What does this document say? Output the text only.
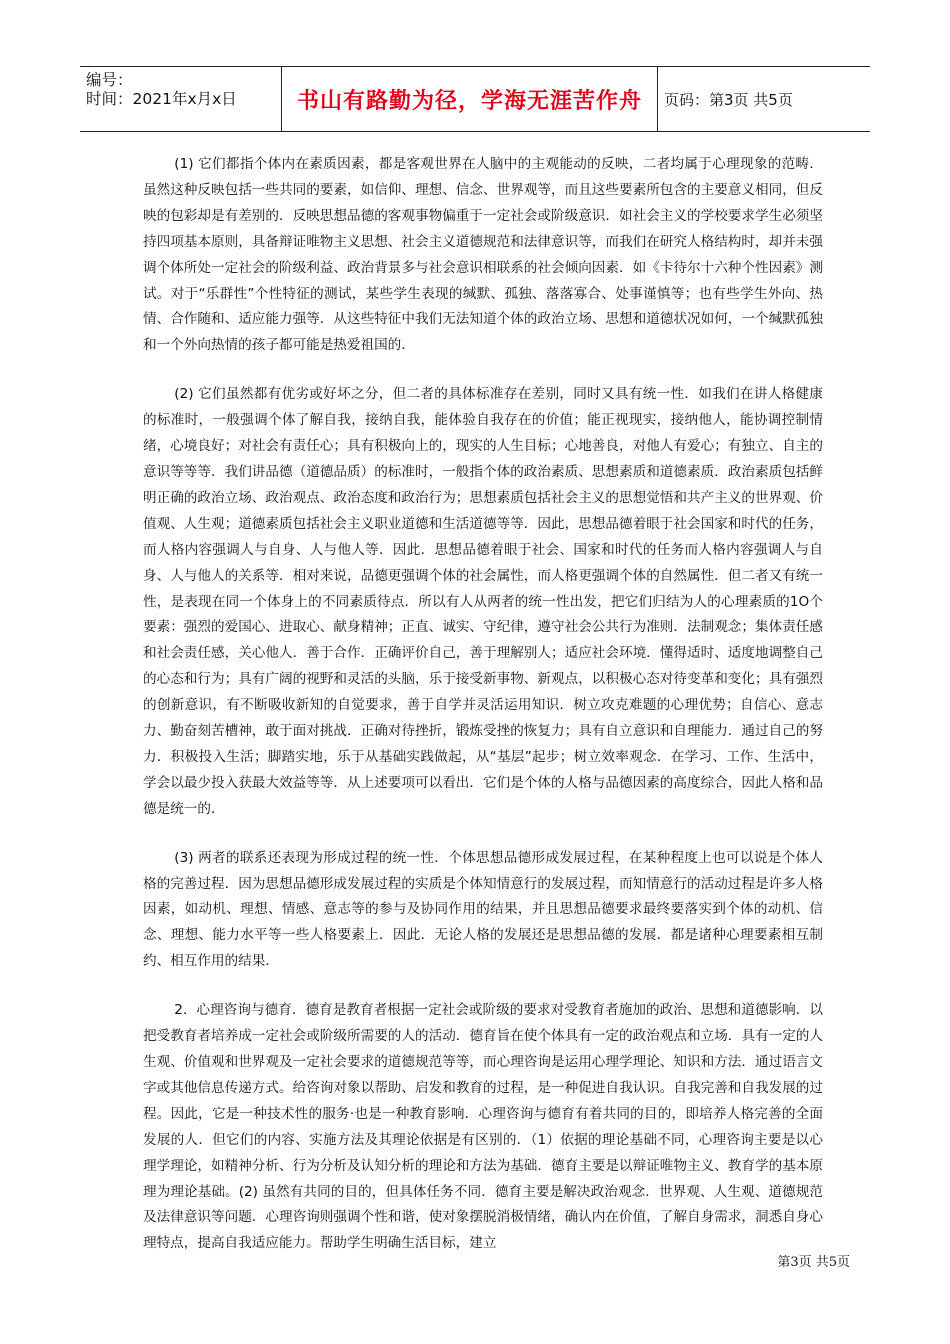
编号：
时间：2021年x月x日	书山有路勤为径，学海无涯苦作舟 页码：第3页 共5页

(1) 它们都指个体内在素质因素，都是客观世界在人脑中的主观能动的反映，二者均属于心理现象的范畴．虽然这种反映包括一些共同的要素，如信仰、理想、信念、世界观等，而且这些要素所包含的主要意义相同，但反映的包彩却是有差别的．反映思想品德的客观事物偏重于一定社会或阶级意识．如社会主义的学校要求学生必须坚持四项基本原则，具备辩证唯物主义思想、社会主义道德规范和法律意识等，而我们在研究人格结构时，却并未强调个体所处一定社会的阶级利益、政治背景多与社会意识相联系的社会倾向因素．如《卡待尔十六种个性因素》测试。对于“乐群性”个性特征的测试，某些学生表现的缄默、孤独、落落寡合、处事谨慎等；也有些学生外向、热情、合作随和、适应能力强等．从这些特征中我们无法知道个体的政治立场、思想和道德状况如何，一个缄默孤独和一个外向热情的孩子都可能是热爱祖国的．

(2) 它们虽然都有优劣或好坏之分，但二者的具体标准存在差别，同时又具有统一性．如我们在讲人格健康的标准时，一般强调个体了解自我，接纳自我，能体验自我存在的价值；能正视现实，接纳他人，能协调控制情绪，心境良好；对社会有责任心；具有积极向上的，现实的人生目标；心地善良，对他人有爱心；有独立、自主的意识等等等．我们讲品德（道德品质）的标准时，一般指个体的政治素质、思想素质和道德素质．政治素质包括鲜明正确的政治立场、政治观点、政治态度和政治行为；思想素质包括社会主义的思想觉悟和共产主义的世界观、价值观、人生观；道德素质包括社会主义职业道德和生活道德等等．因此，思想品德着眼于社会国家和时代的任务，而人格内容强调人与自身、人与他人等．因此．思想品德着眼于社会、国家和时代的任务而人格内容强调人与自身、人与他人的关系等．相对来说，品德更强调个体的社会属性，而人格更强调个体的自然属性．但二者又有统一性，是表现在同一个体身上的不同素质待点．所以有人从两者的统一性出发，把它们归结为人的心理素质的1O个要素：强烈的爱国心、进取心、献身精神；正直、诚实、守纪律，遵守社会公共行为准则．法制观念；集体责任感和社会责任感，关心他人．善于合作．正确评价自己，善于理解别人；适应社会环境．懂得适时、适度地调整自己的心态和行为；具有广阔的视野和灵活的头脑，乐于接受新事物、新观点，以积极心态对待变革和变化；具有强烈的创新意识，有不断吸收新知的自觉要求，善于自学并灵活运用知识．树立攻克难题的心理优势；自信心、意志力、勤奋刻苦槽神，敢于面对挑战．正确对待挫折，锻炼受挫的恢复力；具有自立意识和自理能力．通过自己的努力．积极投入生活；脚踏实地，乐于从基础实践做起，从“基层”起步；树立效率观念．在学习、工作、生活中，学会以最少投入获最大效益等等．从上述要项可以看出．它们是个体的人格与品德因素的高度综合，因此人格和品德是统一的．

(3) 两者的联系还表现为形成过程的统一性．个体思想品德形成发展过程，在某种程度上也可以说是个体人格的完善过程．因为思想品德形成发展过程的实质是个体知情意行的发展过程，而知情意行的活动过程是许多人格因素，如动机、理想、情感、意志等的参与及协同作用的结果，并且思想品德要求最终要落实到个体的动机、信念、理想、能力水平等一些人格要素上．因此．无论人格的发展还是思想品德的发展．都是诸种心理要素相互制约、相互作用的结果．

2．心理咨询与德育．德育是教育者根据一定社会或阶级的要求对受教育者施加的政治、思想和道德影响．以把受教育者培养成一定社会或阶级所需要的人的活动．德育旨在使个体具有一定的政治观点和立场．具有一定的人生观、价值观和世界观及一定社会要求的道德规范等等，而心理咨询是运用心理学理论、知识和方法．通过语言文字或其他信息传递方式。给咨询对象以帮助、启发和教育的过程，是一种促进自我认识。自我完善和自我发展的过程。因此，它是一种技术性的服务·也是一种教育影响．心理咨询与德育有着共同的目的，即培养人格完善的全面发展的人．但它们的内容、实施方法及其理论依据是有区别的．（1）依据的理论基础不同，心理咨询主要是以心理学理论，如精神分析、行为分析及认知分析的理论和方法为基础．德育主要是以辩证唯物主义、教育学的基本原理为理论基础。(2) 虽然有共同的目的，但具体任务不同．德育主要是解决政治观念．世界观、人生观、道德规范及法律意识等问题．心理咨询则强调个性和谐，使对象摆脱消极情绪，确认内在价值，了解自身需求，洞悉自身心理特点，提高自我适应能力。帮助学生明确生活目标，建立

第3页 共5页
